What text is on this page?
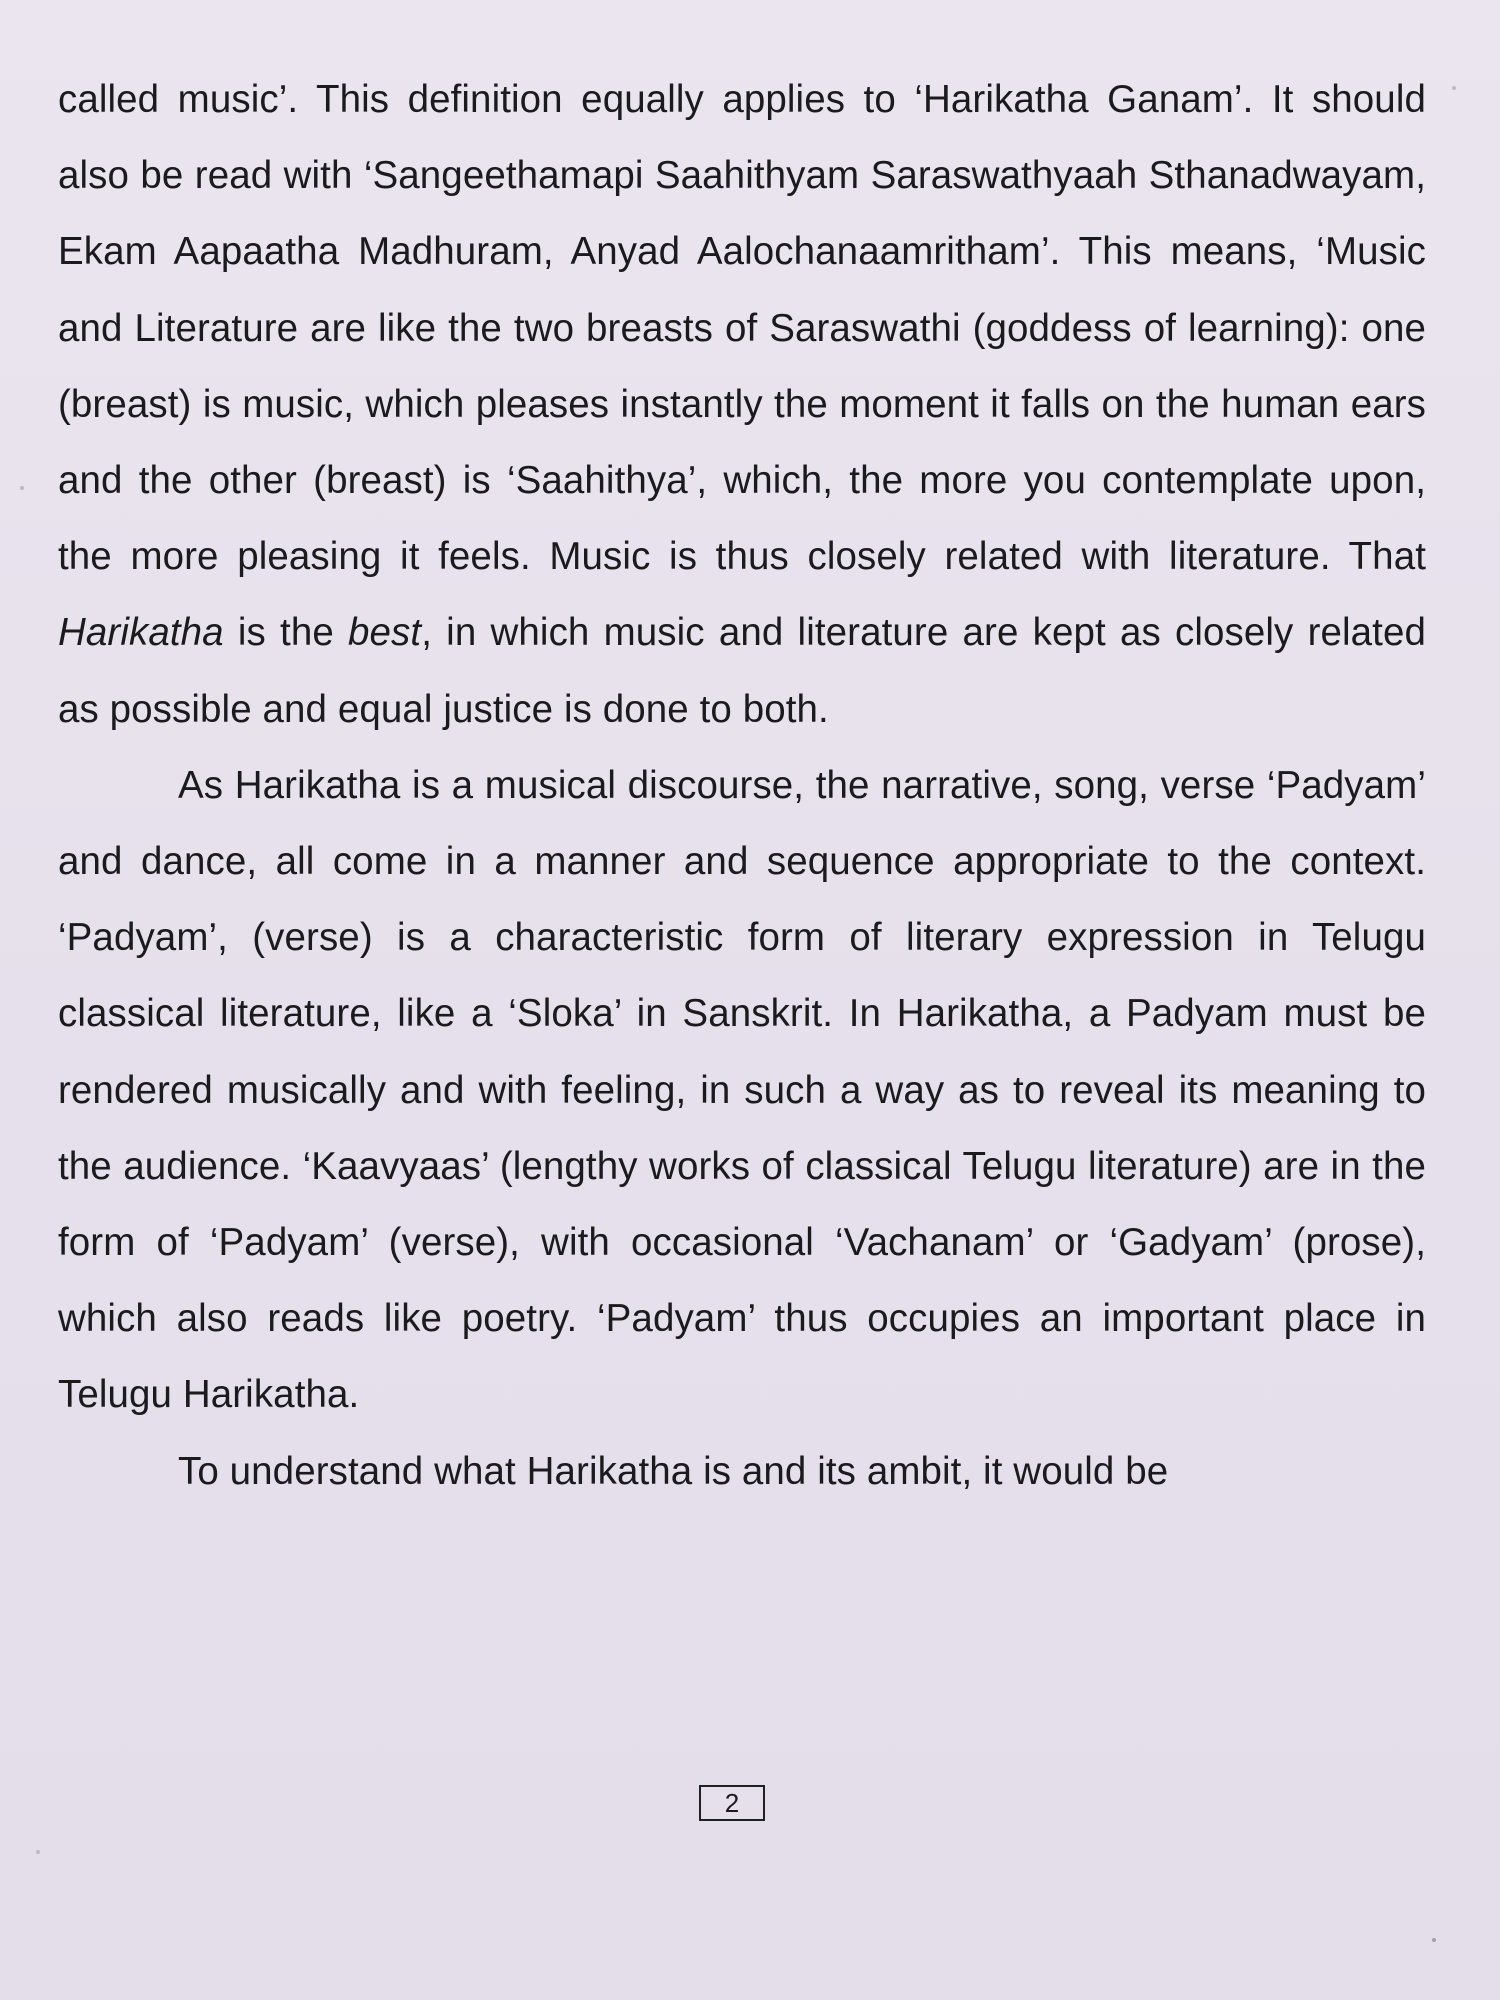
called music’. This definition equally applies to ‘Harikatha Ganam’. It should also be read with ‘Sangeethamapi Saahithyam Saraswathyaah Sthanadwayam, Ekam Aapaatha Madhuram, Anyad Aalochanaamritham’. This means, ‘Music and Literature are like the two breasts of Saraswathi (goddess of learning): one (breast) is music, which pleases instantly the moment it falls on the human ears and the other (breast) is ‘Saahithya’, which, the more you contemplate upon, the more pleasing it feels. Music is thus closely related with literature. That Harikatha is the best, in which music and literature are kept as closely related as possible and equal justice is done to both.

As Harikatha is a musical discourse, the narrative, song, verse ‘Padyam’ and dance, all come in a manner and sequence appropriate to the context. ‘Padyam’, (verse) is a characteristic form of literary expression in Telugu classical literature, like a ‘Sloka’ in Sanskrit. In Harikatha, a Padyam must be rendered musically and with feeling, in such a way as to reveal its meaning to the audience. ‘Kaavyaas’ (lengthy works of classical Telugu literature) are in the form of ‘Padyam’ (verse), with occasional ‘Vachanam’ or ‘Gadyam’ (prose), which also reads like poetry. ‘Padyam’ thus occupies an important place in Telugu Harikatha.

To understand what Harikatha is and its ambit, it would be

2
